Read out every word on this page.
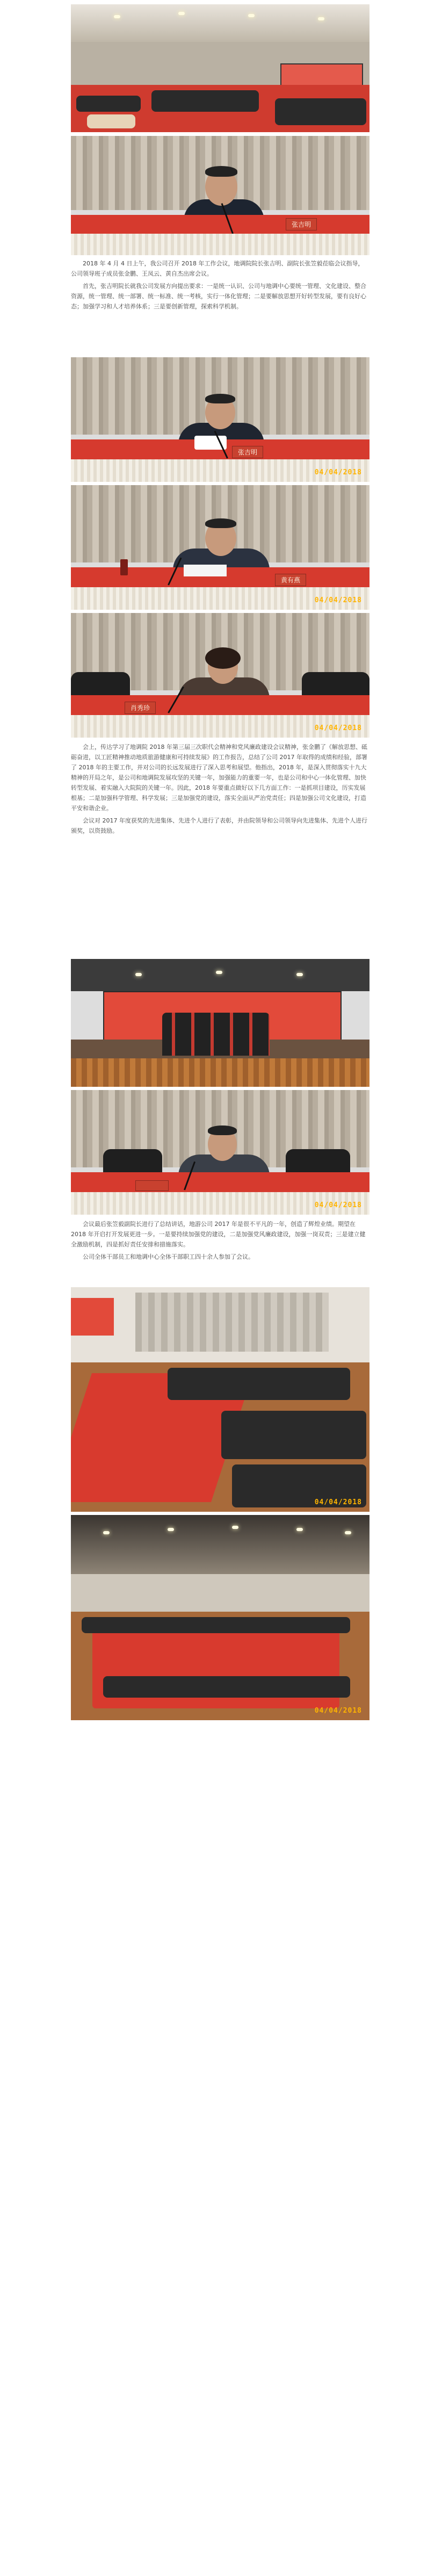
张吉明

2018 年 4 月 4 日上午，我公司召开 2018 年工作会议，地调院院长张吉明、副院长张笠毅莅临会议指导，公司领导班子成员张金鹏、王凤云、黄自杰出席会议。

首先，张吉明院长就我公司发展方向提出要求：一是统一认识、公司与地调中心要统一管理、文化建设、整合资源，统一管理、统一部署、统一标准、统一考核，实行一体化管理；二是要解放思想开好转型发展，要有良好心态；加强学习和人才培养体系；三是要创新管理，探索科学机制。

张吉明
04/04/2018
黄有燕
04/04/2018
肖秀珍
04/04/2018

会上，传达学习了地调院 2018 年第三届三次职代会精神和党风廉政建设会议精神，张金鹏了《解放思想、砥砺奋进，以工匠精神推动地质旅游健康和可持续发展》的工作报告，总结了公司 2017 年取得的成绩和经验，部署了 2018 年的主要工作，并对公司的长远发展进行了深入思考和展望。他指出，2018 年，是深入贯彻落实十九大精神的开局之年，是公司和地调院发展攻坚的关键一年，加强能力的重要一年，也是公司和中心一体化管理、加快转型发展、着实融入大院院的关键一年。因此，2018 年要重点做好以下几方面工作：一是抓项目建设，历实发展根基；二是加强科学管理、科学发展；三是加强党的建设，落实全面从严治党责任；四是加强公司文化建设，打造平安和谐企业。

会议对 2017 年度获奖的先进集体、先进个人进行了表彰，并由院领导和公司领导向先进集体、先进个人进行颁奖，以资鼓励。

04/04/2018

会议最后张笠毅副院长进行了总结讲话，地游公司 2017 年是很不平凡的一年，创造了辉煌业绩。期望在 2018 年开启打开发展更进一步。一是要持续加强党的建设，二是加强党风廉政建设，加强一岗双责；三是建立健全激励机制，四是抓好责任安排和措施落实。

公司全体干部员工和地调中心全体干部职工四十余人参加了会议。

04/04/2018
04/04/2018
